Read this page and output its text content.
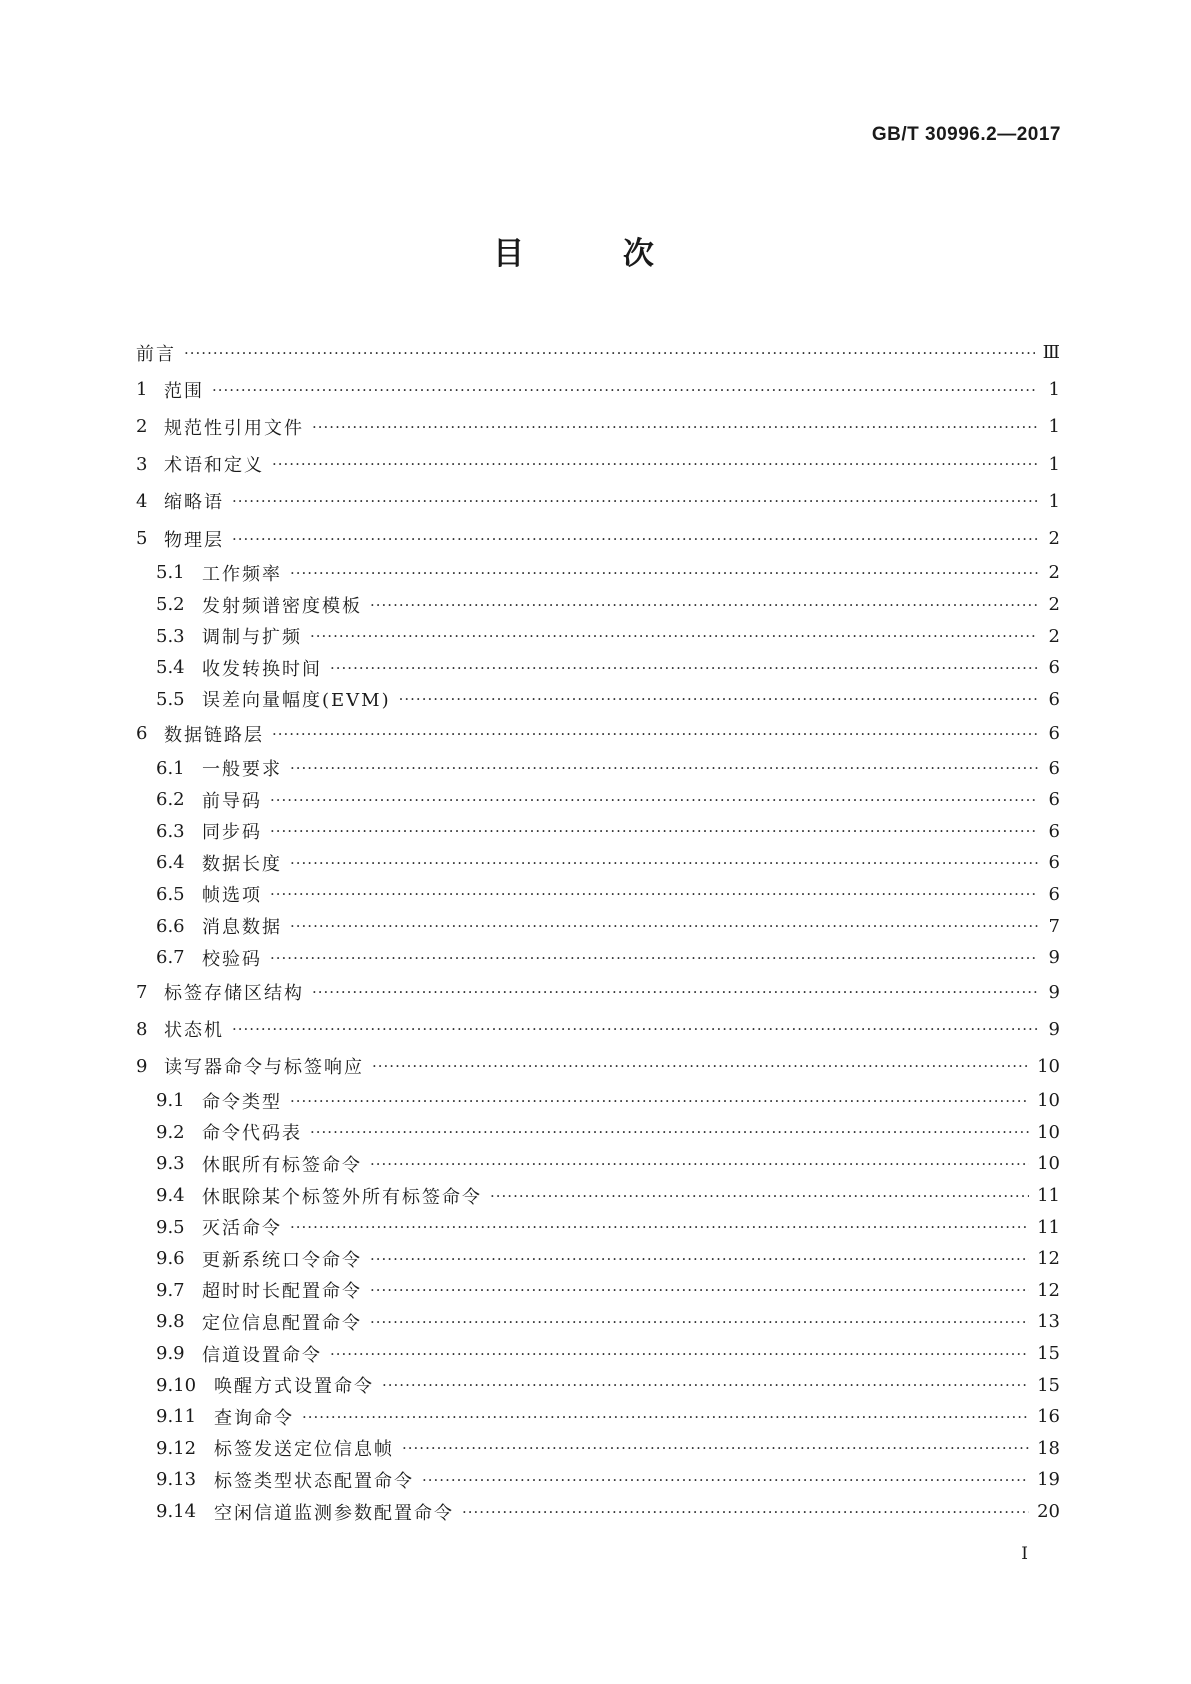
GB/T 30996.2—2017
目 次
前言 ·····	Ⅲ
1 范围 ·····	1
2 规范性引用文件 ·····	1
3 术语和定义 ·····	1
4 缩略语 ·····	1
5 物理层 ·····	2
5.1 工作频率 ·····	2
5.2 发射频谱密度模板 ·····	2
5.3 调制与扩频 ·····	2
5.4 收发转换时间 ·····	6
5.5 误差向量幅度(EVM) ·····	6
6 数据链路层 ·····	6
6.1 一般要求 ·····	6
6.2 前导码 ·····	6
6.3 同步码 ·····	6
6.4 数据长度 ·····	6
6.5 帧选项 ·····	6
6.6 消息数据 ·····	7
6.7 校验码 ·····	9
7 标签存储区结构 ·····	9
8 状态机 ·····	9
9 读写器命令与标签响应 ·····	10
9.1 命令类型 ·····	10
9.2 命令代码表 ·····	10
9.3 休眠所有标签命令 ·····	10
9.4 休眠除某个标签外所有标签命令 ·····	11
9.5 灭活命令 ·····	11
9.6 更新系统口令命令 ·····	12
9.7 超时时长配置命令 ·····	12
9.8 定位信息配置命令 ·····	13
9.9 信道设置命令 ·····	15
9.10 唤醒方式设置命令 ·····	15
9.11 查询命令 ·····	16
9.12 标签发送定位信息帧 ·····	18
9.13 标签类型状态配置命令 ·····	19
9.14 空闲信道监测参数配置命令 ·····	20
I
